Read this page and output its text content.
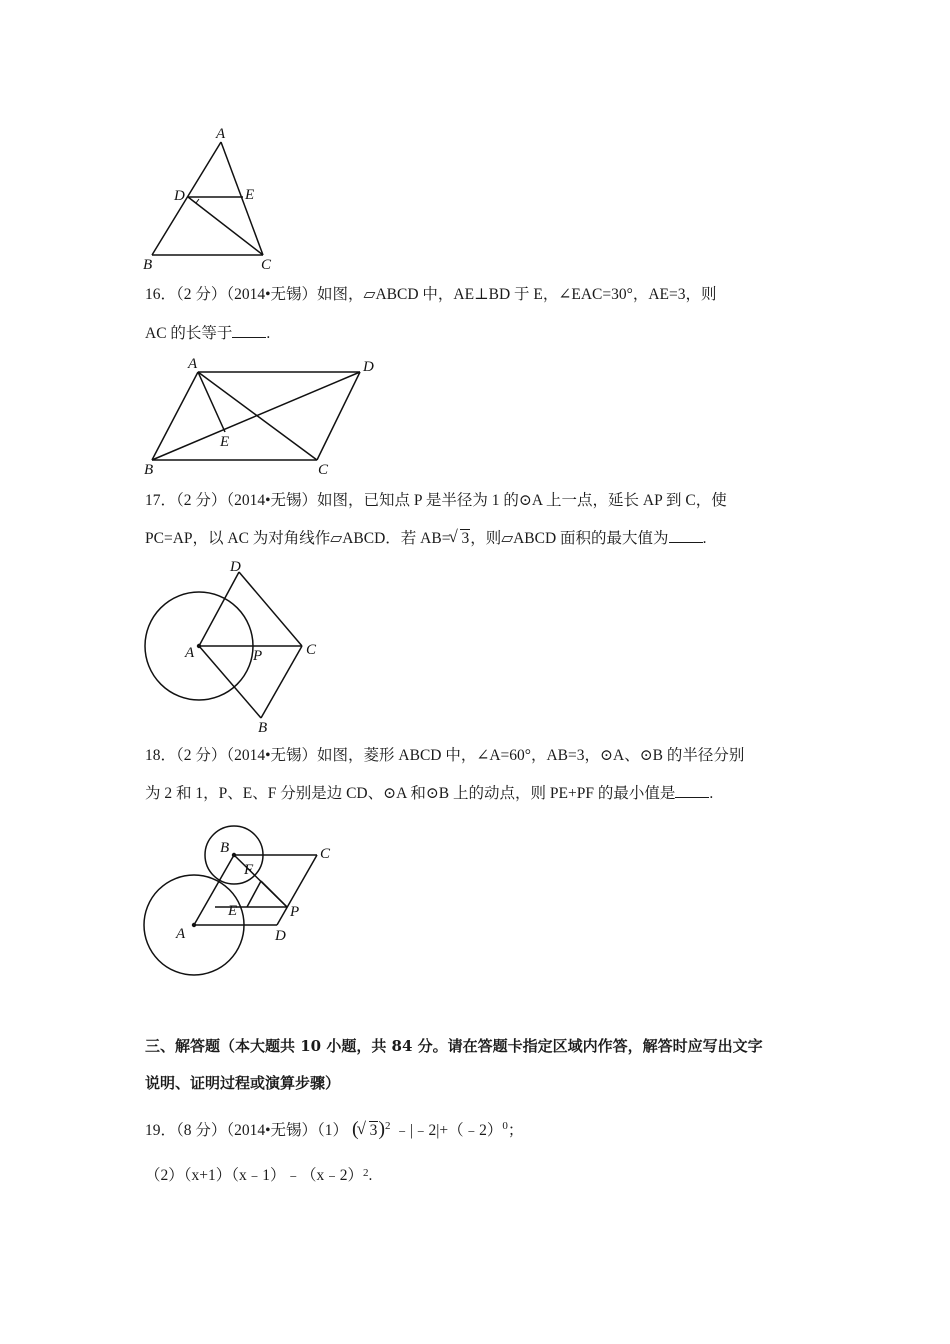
A
D	E
B	C
16．（2 分）（2014•无锡）如图，▱ABCD 中，AE⊥BD 于 E，∠EAC=30°，AE=3，则
AC 的长等于 .
A	D
E
B	C
17．（2 分）（2014•无锡）如图，已知点 P 是半径为 1 的⊙A 上一点，延长 AP 到 C，使
PC=AP，以 AC 为对角线作▱ABCD．若 AB= √ 3，则▱ABCD 面积的最大值为 .
D
A	P	C
B
18．（2 分）（2014•无锡）如图，菱形 ABCD 中，∠A=60°，AB=3，⊙A、⊙B 的半径分别
为 2 和 1，P、E、F 分别是边 CD、⊙A 和⊙B 上的动点，则 PE+PF 的最小值是 .
B	C
F
E	P
A	D
三、解答题（本大题共 10 小题，共 84 分。请在答题卡指定区域内作答，解答时应写出文字
说明、证明过程或演算步骤）
19．（8 分）（2014•无锡）（1） ( √ 3)$^2$ ﹣|﹣2|+（﹣2）$^0$；
（2）（x+1）（x﹣1）﹣（x﹣2）$^2$.
